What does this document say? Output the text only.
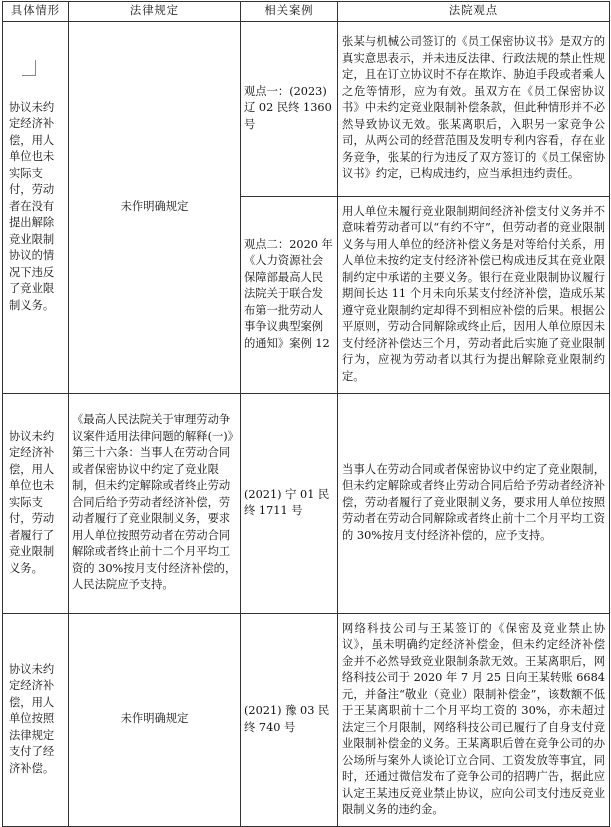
具体情形	法律规定	相关案例	法院观点
协议未约定经济补偿，用人单位也未实际支付，劳动者在没有提出解除竞业限制协议的情况下违反了竞业限制义务。	未作明确规定	观点一：(2023) 辽 02 民终 1360 号	张某与机械公司签订的《员工保密协议书》是双方的真实意思表示，并未违反法律、行政法规的禁止性规定，且在订立协议时不存在欺诈、胁迫手段或者乘人之危等情形，应为有效。虽双方在《员工保密协议书》中未约定竞业限制补偿条款，但此种情形并不必然导致协议无效。张某离职后，入职另一家竞争公司，从两公司的经营范围及发明专利内容看，存在业务竞争，张某的行为违反了双方签订的《员工保密协议书》约定，已构成违约，应当承担违约责任。
		观点二：2020 年《人力资源社会保障部最高人民法院关于联合发布第一批劳动人事争议典型案例的通知》案例 12	用人单位未履行竞业限制期间经济补偿支付义务并不意味着劳动者可以“有约不守”，但劳动者的竞业限制义务与用人单位的经济补偿义务是对等给付关系，用人单位未按约定支付经济补偿已构成违反其在竞业限制约定中承诺的主要义务。银行在竞业限制协议履行期间长达 11 个月未向乐某支付经济补偿，造成乐某遵守竞业限制约定却得不到相应补偿的后果。根据公平原则，劳动合同解除或终止后，因用人单位原因未支付经济补偿达三个月，劳动者此后实施了竞业限制行为，应视为劳动者以其行为提出解除竞业限制约定。
协议未约定经济补偿，用人单位也未实际支付，劳动者履行了竞业限制义务。	《最高人民法院关于审理劳动争议案件适用法律问题的解释(一)》第三十六条：当事人在劳动合同或者保密协议中约定了竞业限制，但未约定解除或者终止劳动合同后给予劳动者经济补偿，劳动者履行了竞业限制义务，要求用人单位按照劳动者在劳动合同解除或者终止前十二个月平均工资的 30%按月支付经济补偿的，人民法院应予支持。	(2021) 宁 01 民终 1711 号	当事人在劳动合同或者保密协议中约定了竞业限制，但未约定解除或者终止劳动合同后给予劳动者经济补偿，劳动者履行了竞业限制义务，要求用人单位按照劳动者在劳动合同解除或者终止前十二个月平均工资的 30%按月支付经济补偿的，应予支持。
协议未约定经济补偿，用人单位按照法律规定支付了经济补偿。	未作明确规定	(2021) 豫 03 民终 740 号	网络科技公司与王某签订的《保密及竞业禁止协议》，虽未明确约定经济补偿金，但未约定经济补偿金并不必然导致竞业限制条款无效。王某离职后，网络科技公司于 2020 年 7 月 25 日向王某转账 6684 元，并备注“敬业（竞业）限制补偿金”，该数额不低于王某离职前十二个月平均工资的 30%，亦未超过法定三个月限制，网络科技公司已履行了自身支付竞业限制补偿金的义务。王某离职后曾在竞争公司的办公场所与案外人谈论订立合同、工资发放等事宜，同时，还通过微信发布了竞争公司的招聘广告，据此应认定王某违反竞业禁止协议，应向公司支付违反竞业限制义务的违约金。
